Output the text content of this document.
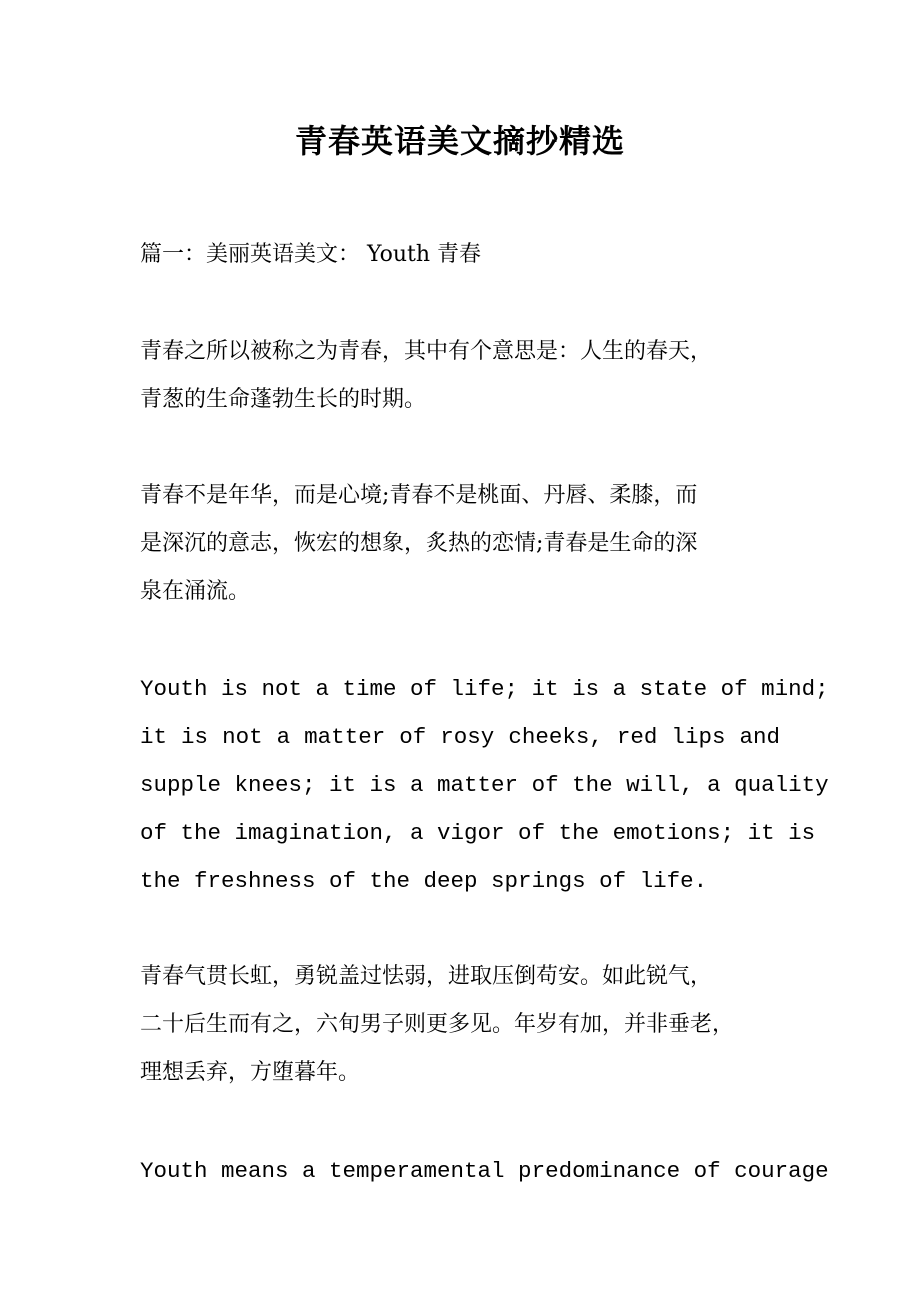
青春英语美文摘抄精选
篇一：美丽英语美文： Youth 青春
青春之所以被称之为青春，其中有个意思是：人生的春天，
青葱的生命蓬勃生长的时期。
青春不是年华，而是心境;青春不是桃面、丹唇、柔膝，而
是深沉的意志，恢宏的想象，炙热的恋情;青春是生命的深
泉在涌流。
Youth is not a time of life; it is a state of mind;
it is not a matter of rosy cheeks, red lips and
supple knees; it is a matter of the will, a quality
of the imagination, a vigor of the emotions; it is
the freshness of the deep springs of life.
青春气贯长虹，勇锐盖过怯弱，进取压倒苟安。如此锐气，
二十后生而有之，六旬男子则更多见。年岁有加，并非垂老，
理想丢弃，方堕暮年。
Youth means a temperamental predominance of courage
